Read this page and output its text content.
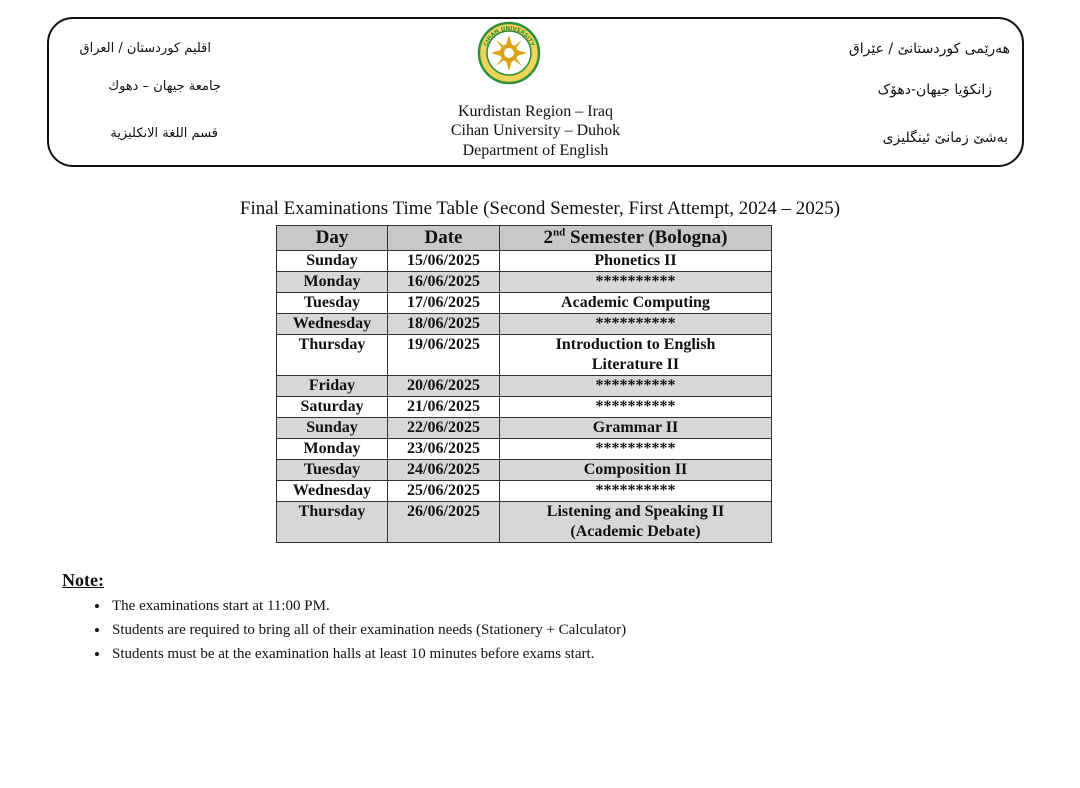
اقليم كوردستان / العراق
جامعة جيهان – دهوك
قسم اللغة الانكليزية
CIHAN UNIVERSITY
Kurdistan Region – Iraq
Cihan University – Duhok
Department of English
هەرێمی کوردستانێ / عێراق
زانکۆیا جیهان-دهۆک
بەشێ زمانێ ئینگلیزی
Final Examinations Time Table (Second Semester, First Attempt, 2024 – 2025)
Day	Date	2nd Semester (Bologna)
Sunday	15/06/2025	Phonetics II

Monday	16/06/2025	**********

Tuesday	17/06/2025	Academic Computing

Wednesday	18/06/2025	**********

Thursday	19/06/2025	Introduction to English
Literature II

Friday	20/06/2025	**********

Saturday	21/06/2025	**********

Sunday	22/06/2025	Grammar II

Monday	23/06/2025	**********

Tuesday	24/06/2025	Composition II

Wednesday	25/06/2025	**********

Thursday	26/06/2025	Listening and Speaking II
(Academic Debate)
Note:
• The examinations start at 11:00 PM.
• Students are required to bring all of their examination needs (Stationery + Calculator)
• Students must be at the examination halls at least 10 minutes before exams start.
